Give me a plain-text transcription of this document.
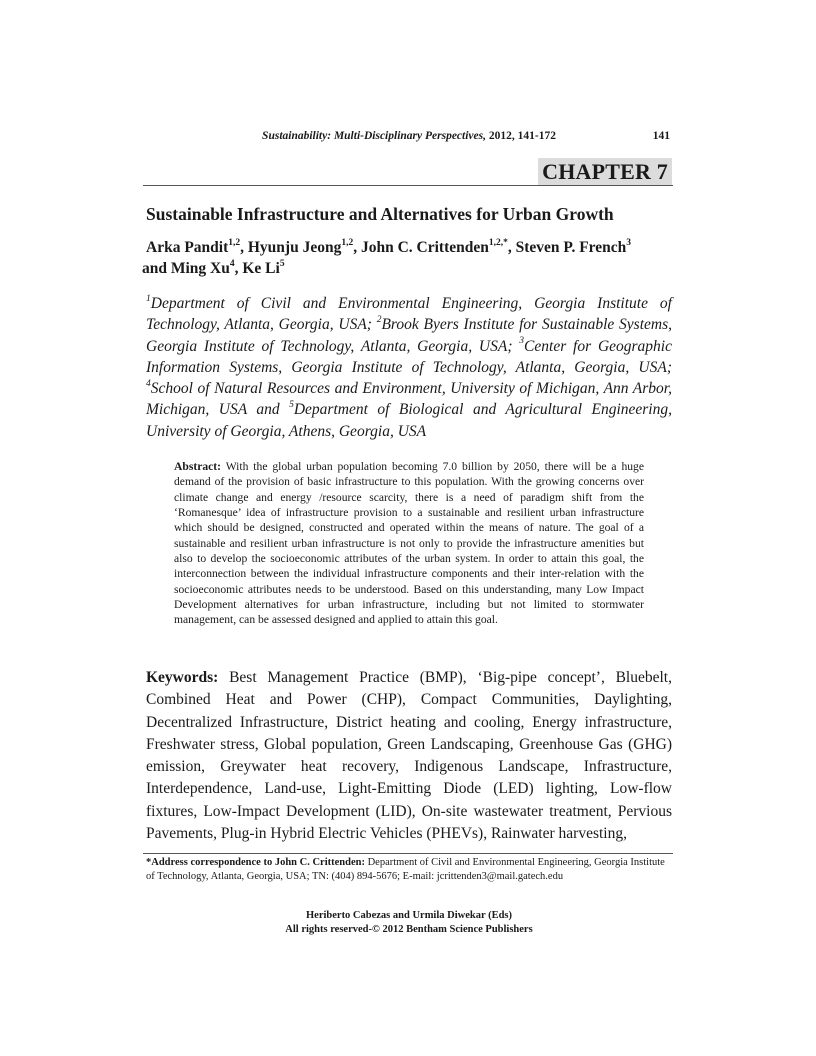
Sustainability: Multi-Disciplinary Perspectives, 2012, 141-172	141
CHAPTER 7
Sustainable Infrastructure and Alternatives for Urban Growth
Arka Pandit$^{1,2}$, Hyunju Jeong$^{1,2}$, John C. Crittenden$^{1,2,*}$, Steven P. French$^3$
and Ming Xu$^4$, Ke Li$^5$
$^1$Department of Civil and Environmental Engineering, Georgia Institute of Technology, Atlanta, Georgia, USA; $^2$Brook Byers Institute for Sustainable Systems, Georgia Institute of Technology, Atlanta, Georgia, USA; $^3$Center for Geographic Information Systems, Georgia Institute of Technology, Atlanta, Georgia, USA; $^4$School of Natural Resources and Environment, University of Michigan, Ann Arbor, Michigan, USA and $^5$Department of Biological and Agricultural Engineering, University of Georgia, Athens, Georgia, USA
Abstract: With the global urban population becoming 7.0 billion by 2050, there will be a huge demand of the provision of basic infrastructure to this population. With the growing concerns over climate change and energy /resource scarcity, there is a need of paradigm shift from the ‘Romanesque’ idea of infrastructure provision to a sustainable and resilient urban infrastructure which should be designed, constructed and operated within the means of nature. The goal of a sustainable and resilient urban infrastructure is not only to provide the infrastructure amenities but also to develop the socioeconomic attributes of the urban system. In order to attain this goal, the interconnection between the individual infrastructure components and their inter-relation with the socioeconomic attributes needs to be understood. Based on this understanding, many Low Impact Development alternatives for urban infrastructure, including but not limited to stormwater management, can be assessed designed and applied to attain this goal.
Keywords: Best Management Practice (BMP), ‘Big-pipe concept’, Bluebelt, Combined Heat and Power (CHP), Compact Communities, Daylighting, Decentralized Infrastructure, District heating and cooling, Energy infrastructure, Freshwater stress, Global population, Green Landscaping, Greenhouse Gas (GHG) emission, Greywater heat recovery, Indigenous Landscape, Infrastructure, Interdependence, Land-use, Light-Emitting Diode (LED) lighting, Low-flow fixtures, Low-Impact Development (LID), On-site wastewater treatment, Pervious Pavements, Plug-in Hybrid Electric Vehicles (PHEVs), Rainwater harvesting,
*Address correspondence to John C. Crittenden: Department of Civil and Environmental Engineering, Georgia Institute of Technology, Atlanta, Georgia, USA; TN: (404) 894-5676; E-mail: jcrittenden3@mail.gatech.edu
Heriberto Cabezas and Urmila Diwekar (Eds)
All rights reserved-© 2012 Bentham Science Publishers
